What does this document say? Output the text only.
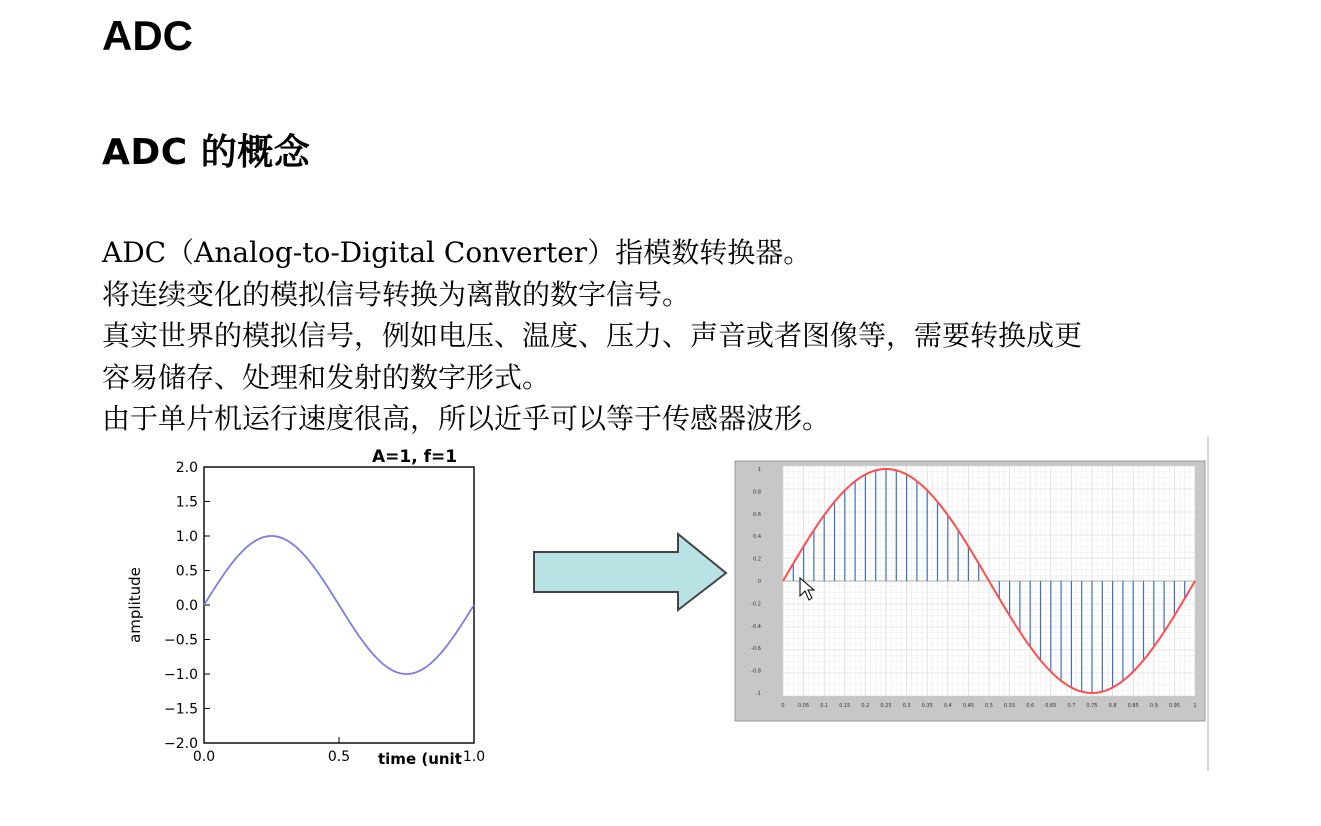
ADC
ADC 的概念
ADC（Analog-to-Digital Converter）指模数转换器。
将连续变化的模拟信号转换为离散的数字信号。
真实世界的模拟信号，例如电压、温度、压力、声音或者图像等，需要转换成更
容易储存、处理和发射的数字形式。
由于单片机运行速度很高，所以近乎可以等于传感器波形。
2.0
1.5
1.0
0.5
0.0
−0.5
−1.0
−1.5
−2.0
0.0	0.5	1.0
A=1, f=1
time (unit
amplitude
1
0.8
0.6
0.4
0.2
0
-0.2
-0.4
-0.6
-0.8
-1
0	0.05 0.1 0.15 0.2 0.25 0.3 0.35 0.4 0.45 0.5 0.55 0.6 0.65 0.7 0.75 0.8 0.85 0.9 0.95	1
